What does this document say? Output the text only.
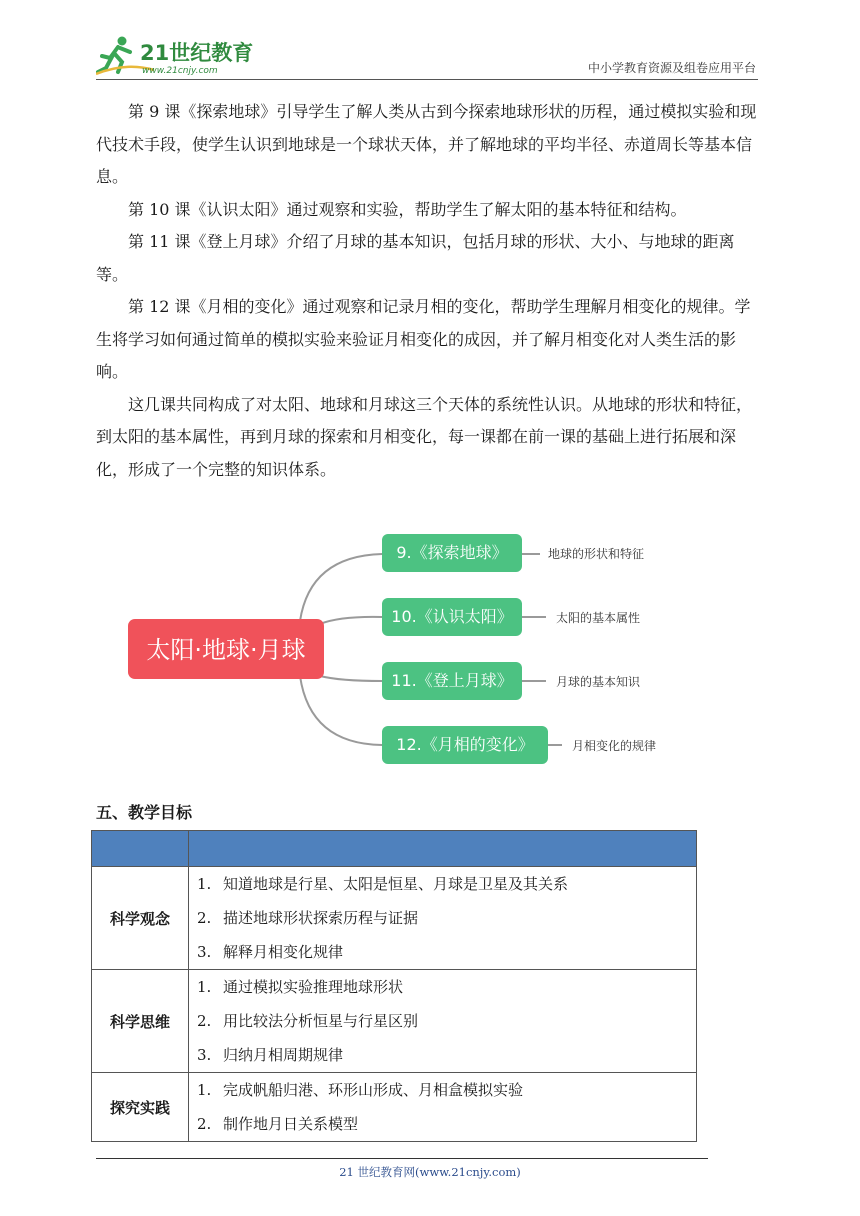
21世纪教育
www.21cnjy.com	中小学教育资源及组卷应用平台

第 9 课《探索地球》引导学生了解人类从古到今探索地球形状的历程，通过模拟实验和现代技术手段，使学生认识到地球是一个球状天体，并了解地球的平均半径、赤道周长等基本信息。

第 10 课《认识太阳》通过观察和实验，帮助学生了解太阳的基本特征和结构。

第 11 课《登上月球》介绍了月球的基本知识，包括月球的形状、大小、与地球的距离等。

第 12 课《月相的变化》通过观察和记录月相的变化，帮助学生理解月相变化的规律。学生将学习如何通过简单的模拟实验来验证月相变化的成因，并了解月相变化对人类生活的影响。

这几课共同构成了对太阳、地球和月球这三个天体的系统性认识。从地球的形状和特征，到太阳的基本属性，再到月球的探索和月相变化，每一课都在前一课的基础上进行拓展和深化，形成了一个完整的知识体系。

太阳·地球·月球
9.《探索地球》	地球的形状和特征
10.《认识太阳》	太阳的基本属性
11.《登上月球》	月球的基本知识
12.《月相的变化》	月相变化的规律
五、教学目标

科学观念	1. 知道地球是行星、太阳是恒星、月球是卫星及其关系
2. 描述地球形状探索历程与证据
3. 解释月相变化规律

科学思维	1. 通过模拟实验推理地球形状
2. 用比较法分析恒星与行星区别
3. 归纳月相周期规律

探究实践	1. 完成帆船归港、环形山形成、月相盒模拟实验
2. 制作地月日关系模型
21 世纪教育网(www.21cnjy.com)
